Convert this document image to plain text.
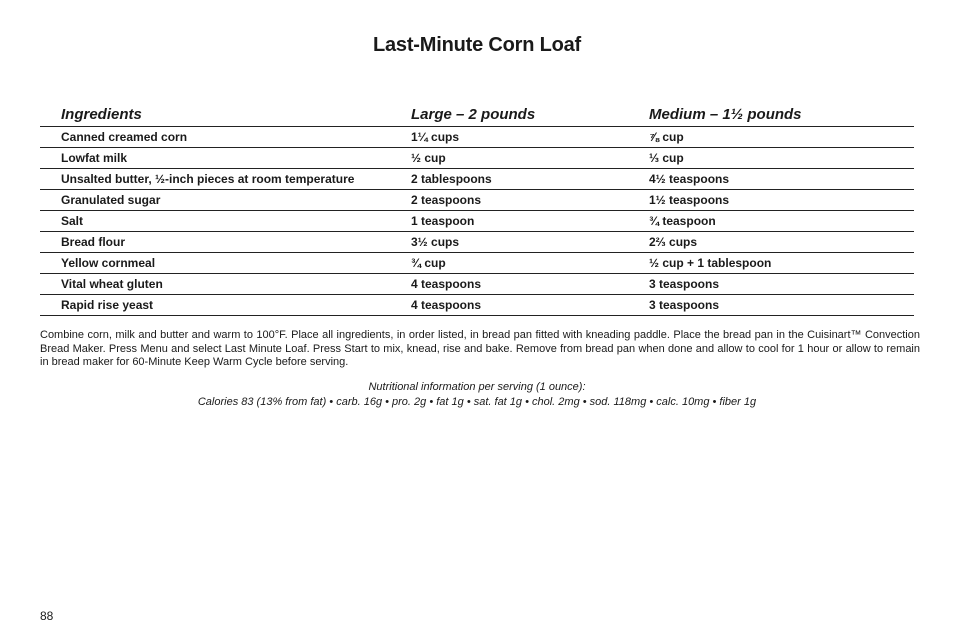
Last-Minute Corn Loaf
Ingredients	Large – 2 pounds	Medium – 1½ pounds
Canned creamed corn	1¼ cups	⅞ cup
Lowfat milk	½ cup	⅓ cup
Unsalted butter, ½-inch pieces at room temperature	2 tablespoons	4½ teaspoons
Granulated sugar	2 teaspoons	1½ teaspoons
Salt	1 teaspoon	¾ teaspoon
Bread flour	3½ cups	2⅔ cups
Yellow cornmeal	¾ cup	½ cup + 1 tablespoon
Vital wheat gluten	4 teaspoons	3 teaspoons
Rapid rise yeast	4 teaspoons	3 teaspoons

Combine corn, milk and butter and warm to 100°F. Place all ingredients, in order listed, in bread pan fitted with kneading paddle. Place the bread pan in the Cuisinart™ Convection Bread Maker. Press Menu and select Last Minute Loaf. Press Start to mix, knead, rise and bake. Remove from bread pan when done and allow to cool for 1 hour or allow to remain in bread maker for 60-Minute Keep Warm Cycle before serving.

Nutritional information per serving (1 ounce):
Calories 83 (13% from fat) • carb. 16g • pro. 2g • fat 1g • sat. fat 1g • chol. 2mg • sod. 118mg • calc. 10mg • fiber 1g
88
